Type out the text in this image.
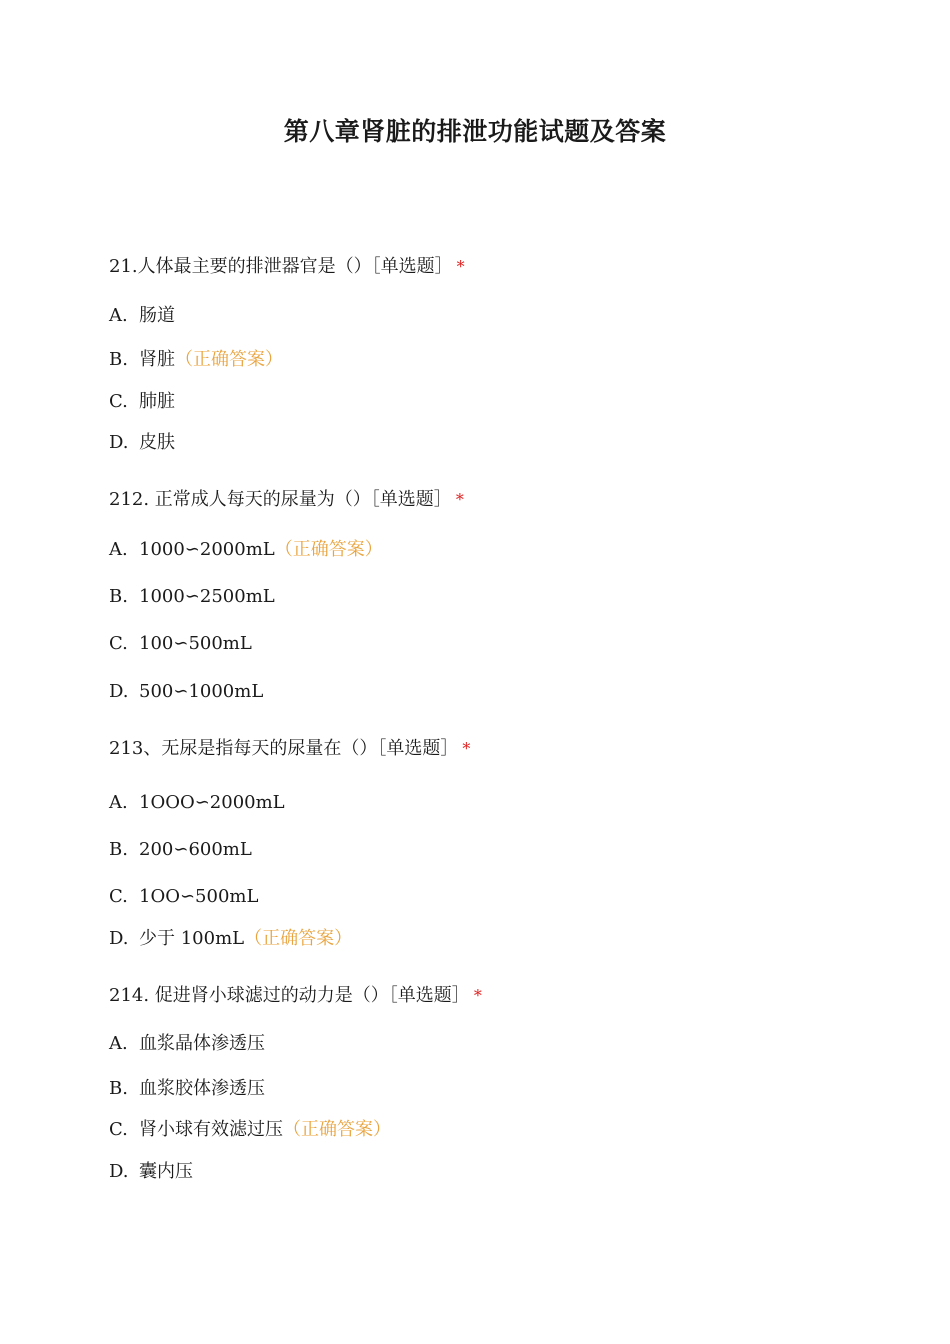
第八章肾脏的排泄功能试题及答案
21.人体最主要的排泄器官是（）［单选题］ *
A. 肠道
B. 肾脏（正确答案）
C. 肺脏
D. 皮肤
212. 正常成人每天的尿量为（）［单选题］ *
A. 1000∽2000mL（正确答案）
B. 1000∽2500mL
C. 100∽500mL
D. 500∽1000mL
213、无尿是指每天的尿量在（）［单选题］ *
A. 1OOO∽2000mL
B. 200∽600mL
C. 1OO∽500mL
D. 少于 100mL（正确答案）
214. 促进肾小球滤过的动力是（）［单选题］ *
A. 血浆晶体渗透压
B. 血浆胶体渗透压
C. 肾小球有效滤过压（正确答案）
D. 囊内压
